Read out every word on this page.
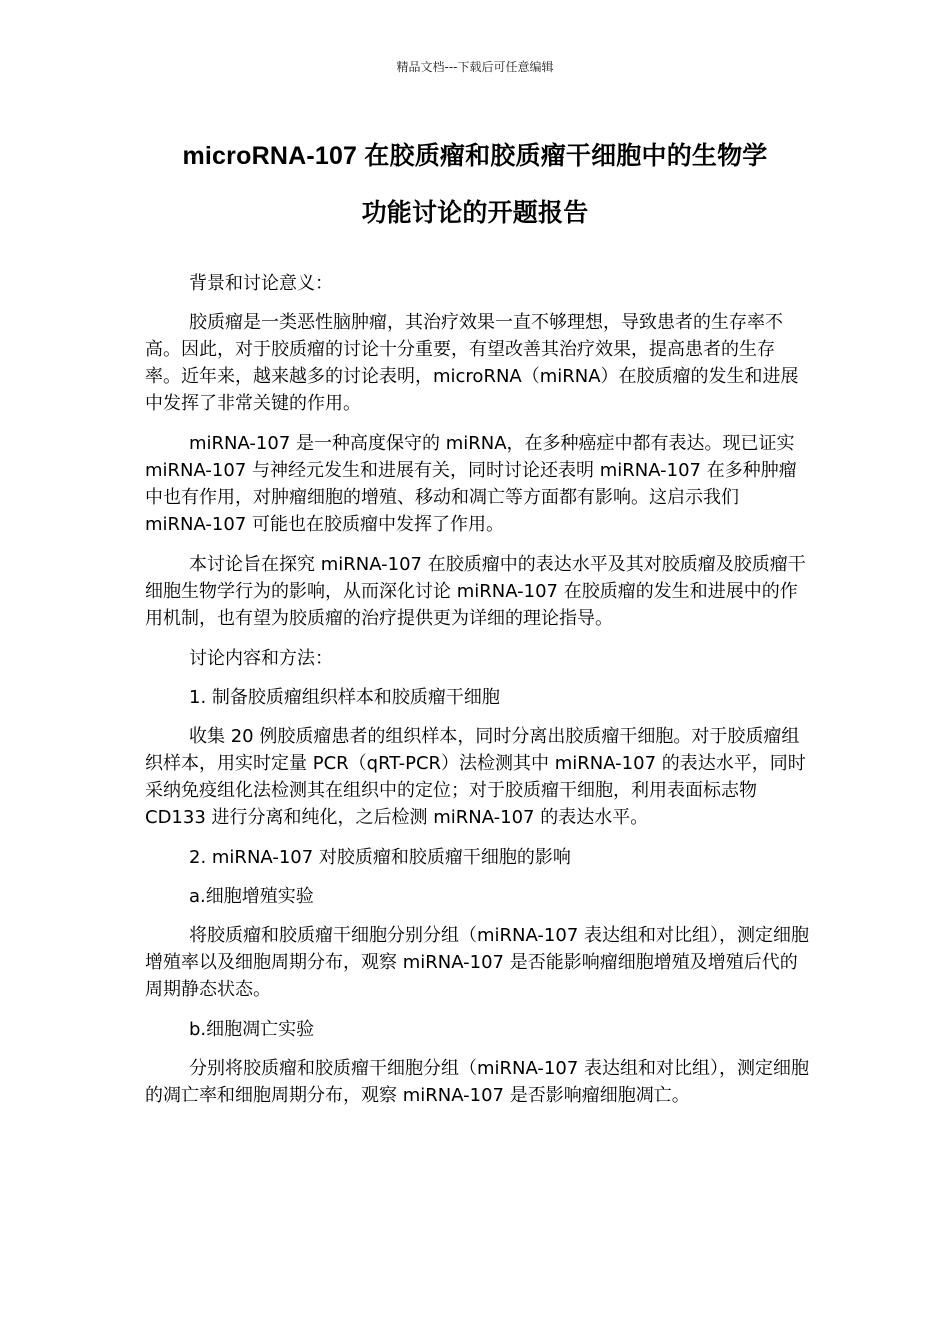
精品文档---下载后可任意编辑
microRNA-107 在胶质瘤和胶质瘤干细胞中的生物学
功能讨论的开题报告

背景和讨论意义：

胶质瘤是一类恶性脑肿瘤，其治疗效果一直不够理想，导致患者的生存率不高。因此，对于胶质瘤的讨论十分重要，有望改善其治疗效果，提高患者的生存率。近年来，越来越多的讨论表明，microRNA（miRNA）在胶质瘤的发生和进展中发挥了非常关键的作用。

miRNA-107 是一种高度保守的 miRNA，在多种癌症中都有表达。现已证实 miRNA-107 与神经元发生和进展有关，同时讨论还表明 miRNA-107 在多种肿瘤中也有作用，对肿瘤细胞的增殖、移动和凋亡等方面都有影响。这启示我们 miRNA-107 可能也在胶质瘤中发挥了作用。

本讨论旨在探究 miRNA-107 在胶质瘤中的表达水平及其对胶质瘤及胶质瘤干细胞生物学行为的影响，从而深化讨论 miRNA-107 在胶质瘤的发生和进展中的作用机制，也有望为胶质瘤的治疗提供更为详细的理论指导。

讨论内容和方法：

1. 制备胶质瘤组织样本和胶质瘤干细胞

收集 20 例胶质瘤患者的组织样本，同时分离出胶质瘤干细胞。对于胶质瘤组织样本，用实时定量 PCR（qRT-PCR）法检测其中 miRNA-107 的表达水平，同时采纳免疫组化法检测其在组织中的定位；对于胶质瘤干细胞，利用表面标志物 CD133 进行分离和纯化，之后检测 miRNA-107 的表达水平。

2. miRNA-107 对胶质瘤和胶质瘤干细胞的影响

a.细胞增殖实验

将胶质瘤和胶质瘤干细胞分别分组（miRNA-107 表达组和对比组），测定细胞增殖率以及细胞周期分布，观察 miRNA-107 是否能影响瘤细胞增殖及增殖后代的周期静态状态。

b.细胞凋亡实验

分别将胶质瘤和胶质瘤干细胞分组（miRNA-107 表达组和对比组），测定细胞的凋亡率和细胞周期分布，观察 miRNA-107 是否影响瘤细胞凋亡。
